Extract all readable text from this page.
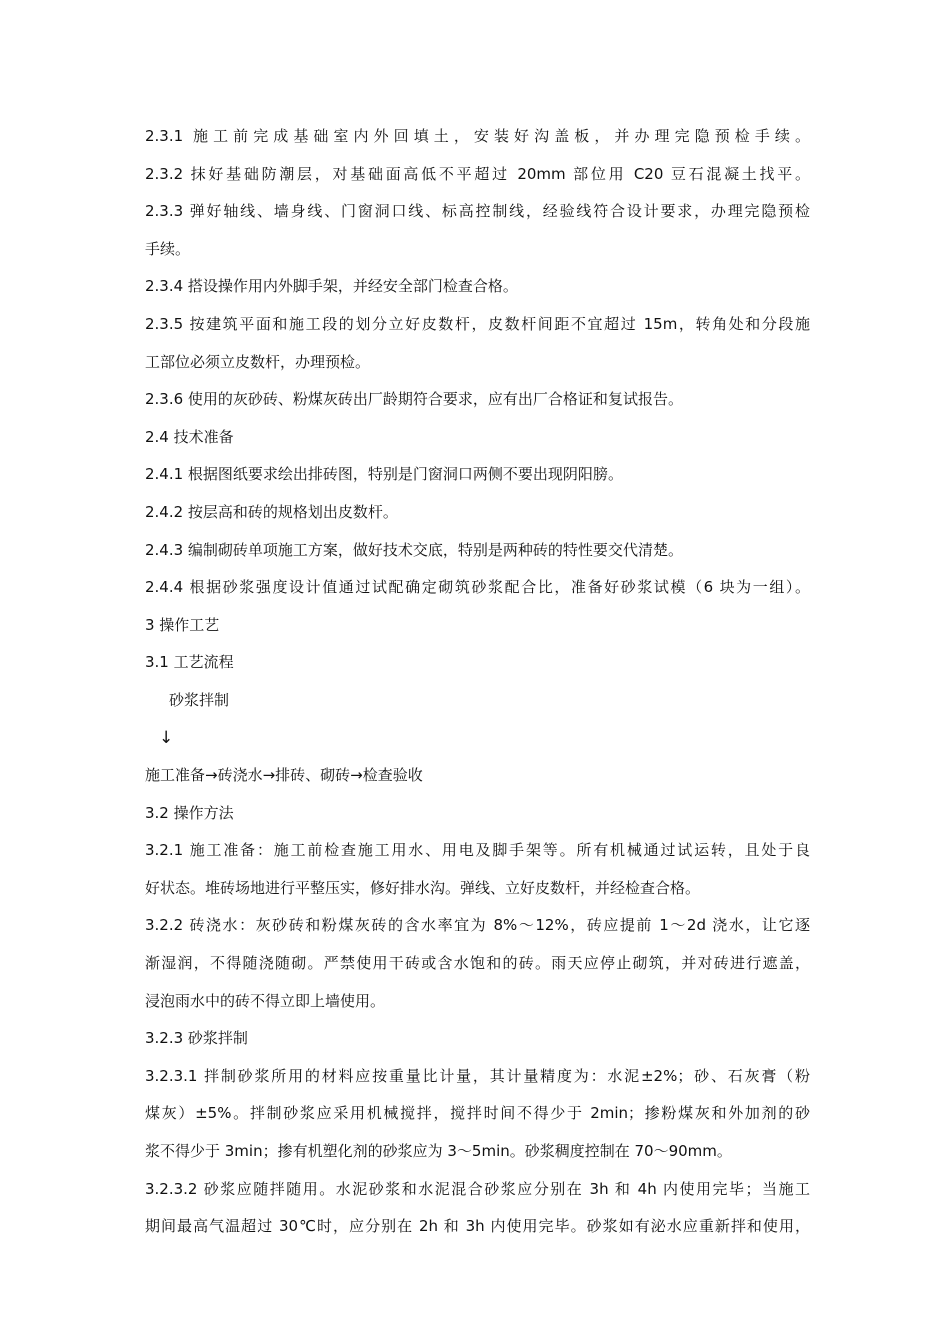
2.3.1 施工前完成基础室内外回填土，安装好沟盖板，并办理完隐预检手续。
2.3.2 抹好基础防潮层，对基础面高低不平超过 20mm 部位用 C20 豆石混凝土找平。
2.3.3 弹好轴线、墙身线、门窗洞口线、标高控制线，经验线符合设计要求，办理完隐预检
手续。
2.3.4 搭设操作用内外脚手架，并经安全部门检查合格。
2.3.5 按建筑平面和施工段的划分立好皮数杆，皮数杆间距不宜超过 15m，转角处和分段施
工部位必须立皮数杆，办理预检。
2.3.6 使用的灰砂砖、粉煤灰砖出厂龄期符合要求，应有出厂合格证和复试报告。
2.4 技术准备
2.4.1 根据图纸要求绘出排砖图，特别是门窗洞口两侧不要出现阴阳膀。
2.4.2 按层高和砖的规格划出皮数杆。
2.4.3 编制砌砖单项施工方案，做好技术交底，特别是两种砖的特性要交代清楚。
2.4.4 根据砂浆强度设计值通过试配确定砌筑砂浆配合比，准备好砂浆试模（6 块为一组）。
3 操作工艺
3.1 工艺流程
砂浆拌制
↓
施工准备→砖浇水→排砖、砌砖→检查验收
3.2 操作方法
3.2.1 施工准备：施工前检查施工用水、用电及脚手架等。所有机械通过试运转，且处于良
好状态。堆砖场地进行平整压实，修好排水沟。弹线、立好皮数杆，并经检查合格。
3.2.2 砖浇水：灰砂砖和粉煤灰砖的含水率宜为 8%～12%，砖应提前 1～2d 浇水，让它逐
渐湿润，不得随浇随砌。严禁使用干砖或含水饱和的砖。雨天应停止砌筑，并对砖进行遮盖，
浸泡雨水中的砖不得立即上墙使用。
3.2.3 砂浆拌制
3.2.3.1 拌制砂浆所用的材料应按重量比计量，其计量精度为：水泥±2%；砂、石灰膏（粉
煤灰）±5%。拌制砂浆应采用机械搅拌，搅拌时间不得少于 2min；掺粉煤灰和外加剂的砂
浆不得少于 3min；掺有机塑化剂的砂浆应为 3～5min。砂浆稠度控制在 70～90mm。
3.2.3.2 砂浆应随拌随用。水泥砂浆和水泥混合砂浆应分别在 3h 和 4h 内使用完毕；当施工
期间最高气温超过 30℃时，应分别在 2h 和 3h 内使用完毕。砂浆如有泌水应重新拌和使用，
